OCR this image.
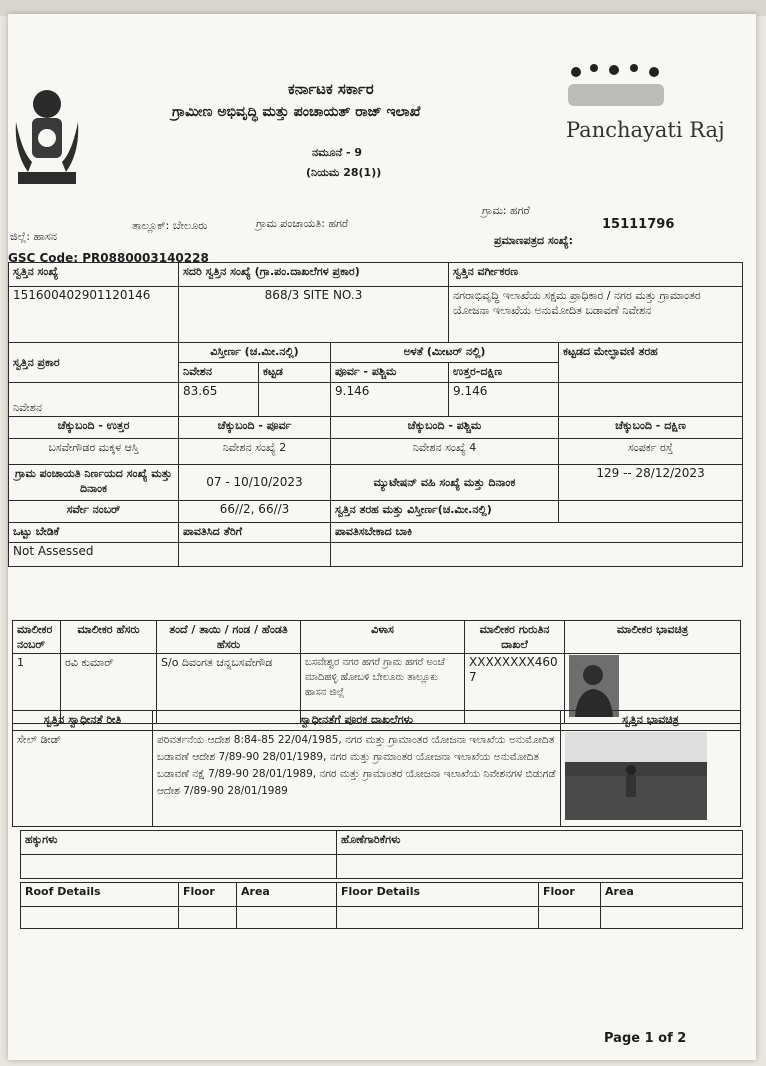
Panchayati Raj
ಕರ್ನಾಟಕ ಸರ್ಕಾರ
ಗ್ರಾಮೀಣ ಅಭಿವೃದ್ಧಿ ಮತ್ತು ಪಂಚಾಯತ್ ರಾಜ್ ಇಲಾಖೆ
ನಮೂನೆ - 9
(ನಿಯಮ 28(1))
ಜಿಲ್ಲೆ: ಹಾಸನ
ತಾಲ್ಲೂಕ್: ಬೇಲೂರು	ಗ್ರಾಮ ಪಂಚಾಯತಿ: ಹಗರೆ
ಗ್ರಾಮ: ಹಗರೆ
ಪ್ರಮಾಣಪತ್ರದ ಸಂಖ್ಯೆ:
15111796
GSC Code: PR0880003140228
ಸ್ವತ್ತಿನ ಸಂಖ್ಯೆ	ಸದರಿ ಸ್ವತ್ತಿನ ಸಂಖ್ಯೆ (ಗ್ರಾ.ಪಂ.ದಾಖಲೆಗಳ ಪ್ರಕಾರ)			ಸ್ವತ್ತಿನ ವರ್ಗೀಕರಣ	
15160040290112014​6	868/3 SITE NO.3			ನಗರಾಭಿವೃದ್ಧಿ ಇಲಾಖೆಯ ಸಕ್ಷಮ ಪ್ರಾಧಿಕಾರ / ನಗರ ಮತ್ತು ಗ್ರಾಮಾಂತರ ಯೋಜನಾ ಇಲಾಖೆಯ ಅನುಮೋದಿತ ಬಡಾವಣೆ ನಿವೇಶನ	
ಸ್ವತ್ತಿನ ಪ್ರಕಾರ	ವಿಸ್ತೀರ್ಣ (ಚ.ಮೀ.ನಲ್ಲಿ)		ಅಳತೆ (ಮೀಟರ್ ನಲ್ಲಿ)		ಕಟ್ಟಡದ ಮೇಲ್ಛಾವಣಿ ತರಹ
	ನಿವೇಶನ	ಕಟ್ಟಡ	ಪೂರ್ವ - ಪಶ್ಚಿಮ	ಉತ್ತರ-ದಕ್ಷಿಣ	
ನಿವೇಶನ	83.65		9.146	9.146	
ಚೆಕ್ಕುಬಂದಿ - ಉತ್ತರ	ಚೆಕ್ಕುಬಂದಿ - ಪೂರ್ವ		ಚೆಕ್ಕುಬಂದಿ - ಪಶ್ಚಿಮ		ಚೆಕ್ಕುಬಂದಿ - ದಕ್ಷಿಣ
ಬಸವೇಗೌಡರ ಮಕ್ಕಳ ಆಸ್ತಿ	ನಿವೇಶನ ಸಂಖ್ಯೆ 2		ನಿವೇಶನ ಸಂಖ್ಯೆ 4		ಸಂಪರ್ಕ ರಸ್ತೆ
ಗ್ರಾಮ ಪಂಚಾಯತಿ ನಿರ್ಣಯದ ಸಂಖ್ಯೆ ಮತ್ತು ದಿನಾಂಕ	07 - 10/10/2023		ಮ್ಯುಟೇಷನ್ ವಹಿ ಸಂಖ್ಯೆ ಮತ್ತು ದಿನಾಂಕ		129 -- 28/12/2023
ಸರ್ವೇ ನಂಬರ್	66//2, 66//3		ಸ್ವತ್ತಿನ ತರಹ ಮತ್ತು ವಿಸ್ತೀರ್ಣ(ಚ.ಮೀ.ನಲ್ಲಿ)		
ಒಟ್ಟು ಬೇಡಿಕೆ	ಪಾವತಿಸಿದ ತೆರಿಗೆ		ಪಾವತಿಸಬೇಕಾದ ಬಾಕಿ		
Not Assessed					
ಮಾಲೀಕರ ನಂಬರ್	ಮಾಲೀಕರ ಹೆಸರು	ತಂದೆ / ತಾಯಿ / ಗಂಡ / ಹೆಂಡತಿ ಹೆಸರು	ವಿಳಾಸ	ಮಾಲೀಕರ ಗುರುತಿನ ದಾಖಲೆ	ಮಾಲೀಕರ ಭಾವಚಿತ್ರ
1	ರವಿ ಕುಮಾರ್	S/o ದಿವಂಗತ ಚನ್ನಬಸವೇಗೌಡ	ಬಸವೇಶ್ವರ ನಗರ ಹಗರೆ ಗ್ರಾಮ ಹಗರೆ ಅಂಚೆ ಮಾದಿಹಳ್ಳಿ ಹೋಬಳಿ ಬೇಲೂರು ತಾಲ್ಲೂಕು ಹಾಸನ ಜಿಲ್ಲೆ	XXXXXXXX4607	
ಸ್ವತ್ತಿನ ಸ್ವಾಧೀನತೆ ರೀತಿ	ಸ್ವಾಧೀನತೆಗೆ ಪೂರಕ ದಾಖಲೆಗಳು	ಸ್ವತ್ತಿನ ಭಾವಚಿತ್ರ
ಸೇಲ್ ಡೀಡ್	ಪರಿವರ್ತನೆಯ ಆದೇಶ 8:84-85 22/04/1985, ನಗರ ಮತ್ತು ಗ್ರಾಮಾಂತರ ಯೋಜನಾ ಇಲಾಖೆಯ ಅನುಮೋದಿತ ಬಡಾವಣೆ ಆದೇಶ 7/89-90 28/01/1989, ನಗರ ಮತ್ತು ಗ್ರಾಮಾಂತರ ಯೋಜನಾ ಇಲಾಖೆಯ ಅನುಮೋದಿತ ಬಡಾವಣೆ ನಕ್ಷೆ 7/89-90 28/01/1989, ನಗರ ಮತ್ತು ಗ್ರಾಮಾಂತರ ಯೋಜನಾ ಇಲಾಖೆಯ ನಿವೇಶನಗಳ ಬಿಡುಗಡೆ ಆದೇಶ 7/89-90 28/01/1989	
ಹಕ್ಕುಗಳು	ಹೊಣೆಗಾರಿಕೆಗಳು

Roof Details	Floor	Area	Floor Details	Floor	Area

Page 1 of 2
